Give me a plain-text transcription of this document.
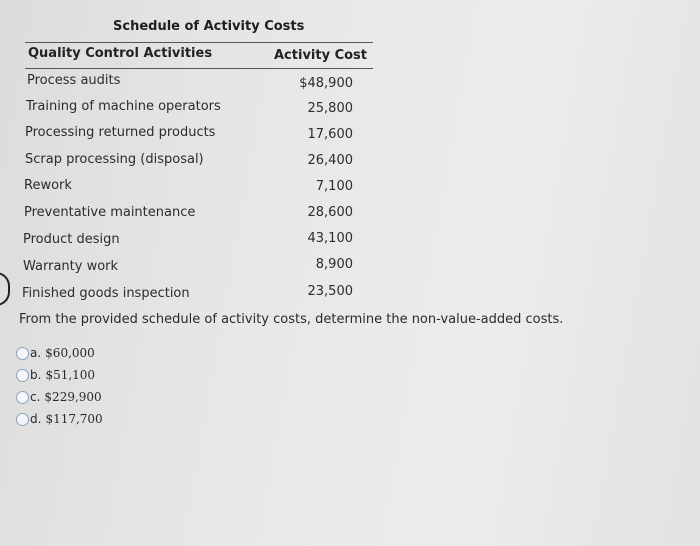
Schedule of Activity Costs
Quality Control Activities	Activity Cost
Process audits	$48,900
Training of machine operators	25,800
Processing returned products	17,600
Scrap processing (disposal)	26,400
Rework	7,100
Preventative maintenance	28,600
Product design	43,100
Warranty work	8,900
Finished goods inspection	23,500
From the provided schedule of activity costs, determine the non-value-added costs.
a. $60,000
b. $51,100
c. $229,900
d. $117,700
